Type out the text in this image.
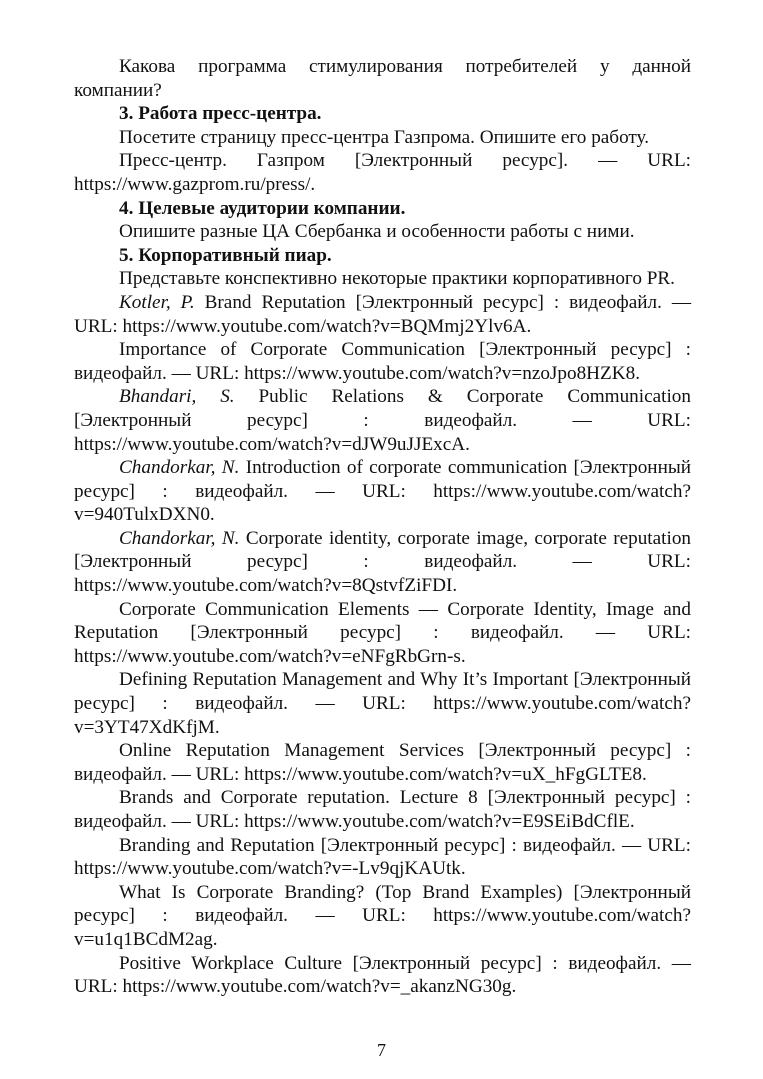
Какова программа стимулирования потребителей у данной компании?

3. Работа пресс-центра.

Посетите страницу пресс-центра Газпрома. Опишите его работу.

Пресс-центр. Газпром [Электронный ресурс]. — URL: https://www.gazprom.ru/press/.

4. Целевые аудитории компании.

Опишите разные ЦА Сбербанка и особенности работы с ними.

5. Корпоративный пиар.

Представьте конспективно некоторые практики корпоративного PR.

Kotler, P. Brand Reputation [Электронный ресурс] : видеофайл. — URL: https://www.youtube.com/watch?v=BQMmj2Ylv6A.

Importance of Corporate Communication [Электронный ресурс] : видеофайл. — URL: https://www.youtube.com/watch?v=nzoJpo8HZK8.

Bhandari, S. Public Relations & Corporate Communication [Электронный ресурс] : видеофайл. — URL: https://www.youtube.com/watch?v=dJW9uJJExcA.

Chandorkar, N. Introduction of corporate communication [Электронный ресурс] : видеофайл. — URL: https://www.youtube.com/watch?v=940TulxDXN0.

Chandorkar, N. Corporate identity, corporate image, corporate reputation [Электронный ресурс] : видеофайл. — URL: https://www.youtube.com/watch?v=8QstvfZiFDI.

Corporate Communication Elements — Corporate Identity, Image and Reputation [Электронный ресурс] : видеофайл. — URL: https://www.youtube.com/watch?v=eNFgRbGrn-s.

Defining Reputation Management and Why It’s Important [Электронный ресурс] : видеофайл. — URL: https://www.youtube.com/watch?v=3YT47XdKfjM.

Online Reputation Management Services [Электронный ресурс] : видеофайл. — URL: https://www.youtube.com/watch?v=uX_hFgGLTE8.

Brands and Corporate reputation. Lecture 8 [Электронный ресурс] : видеофайл. — URL: https://www.youtube.com/watch?v=E9SEiBdCflE.

Branding and Reputation [Электронный ресурс] : видеофайл. — URL: https://www.youtube.com/watch?v=-Lv9qjKAUtk.

What Is Corporate Branding? (Top Brand Examples) [Электронный ресурс] : видеофайл. — URL: https://www.youtube.com/watch?v=u1q1BCdM2ag.

Positive Workplace Culture [Электронный ресурс] : видеофайл. — URL: https://www.youtube.com/watch?v=_akanzNG30g.

7
